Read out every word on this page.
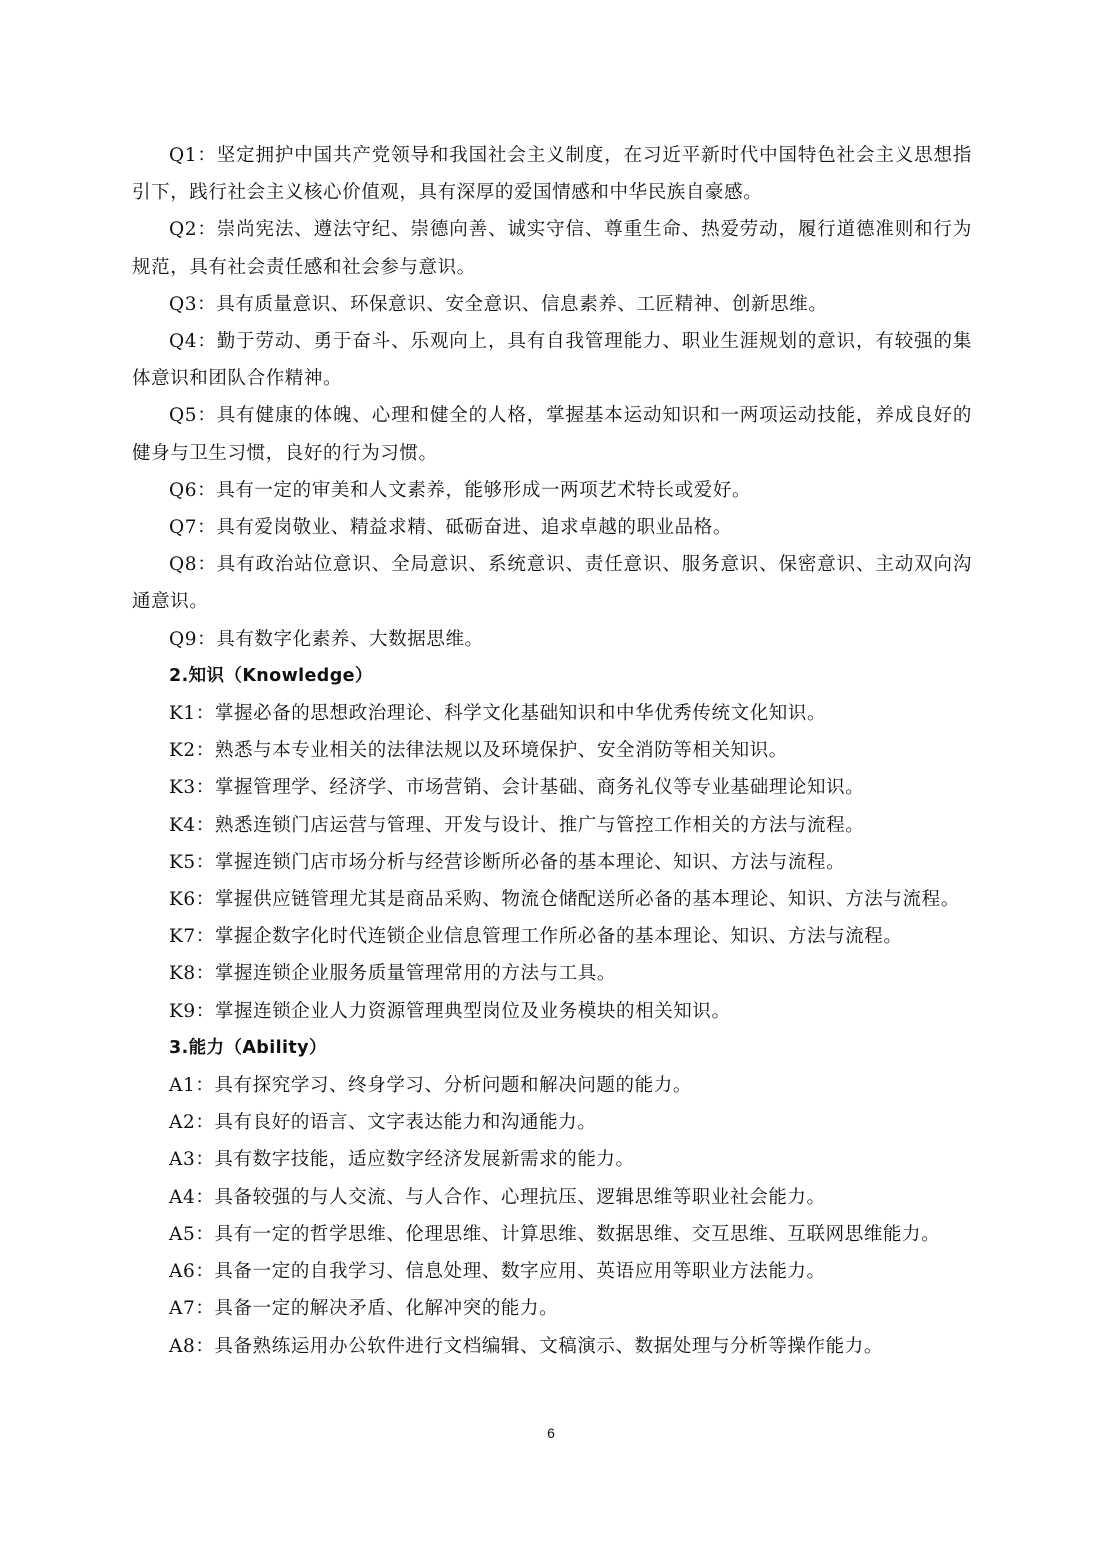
Q1：坚定拥护中国共产党领导和我国社会主义制度，在习近平新时代中国特色社会主义思想指引下，践行社会主义核心价值观，具有深厚的爱国情感和中华民族自豪感。

Q2：崇尚宪法、遵法守纪、崇德向善、诚实守信、尊重生命、热爱劳动，履行道德准则和行为规范，具有社会责任感和社会参与意识。

Q3：具有质量意识、环保意识、安全意识、信息素养、工匠精神、创新思维。

Q4：勤于劳动、勇于奋斗、乐观向上，具有自我管理能力、职业生涯规划的意识，有较强的集体意识和团队合作精神。

Q5：具有健康的体魄、心理和健全的人格，掌握基本运动知识和一两项运动技能，养成良好的健身与卫生习惯，良好的行为习惯。

Q6：具有一定的审美和人文素养，能够形成一两项艺术特长或爱好。

Q7：具有爱岗敬业、精益求精、砥砺奋进、追求卓越的职业品格。

Q8：具有政治站位意识、全局意识、系统意识、责任意识、服务意识、保密意识、主动双向沟通意识。

Q9：具有数字化素养、大数据思维。

2.知识（Knowledge）

K1：掌握必备的思想政治理论、科学文化基础知识和中华优秀传统文化知识。

K2：熟悉与本专业相关的法律法规以及环境保护、安全消防等相关知识。

K3：掌握管理学、经济学、市场营销、会计基础、商务礼仪等专业基础理论知识。

K4：熟悉连锁门店运营与管理、开发与设计、推广与管控工作相关的方法与流程。

K5：掌握连锁门店市场分析与经营诊断所必备的基本理论、知识、方法与流程。

K6：掌握供应链管理尤其是商品采购、物流仓储配送所必备的基本理论、知识、方法与流程。

K7：掌握企数字化时代连锁企业信息管理工作所必备的基本理论、知识、方法与流程。

K8：掌握连锁企业服务质量管理常用的方法与工具。

K9：掌握连锁企业人力资源管理典型岗位及业务模块的相关知识。

3.能力（Ability）

A1：具有探究学习、终身学习、分析问题和解决问题的能力。

A2：具有良好的语言、文字表达能力和沟通能力。

A3：具有数字技能，适应数字经济发展新需求的能力。

A4：具备较强的与人交流、与人合作、心理抗压、逻辑思维等职业社会能力。

A5：具有一定的哲学思维、伦理思维、计算思维、数据思维、交互思维、互联网思维能力。

A6：具备一定的自我学习、信息处理、数字应用、英语应用等职业方法能力。

A7：具备一定的解决矛盾、化解冲突的能力。

A8：具备熟练运用办公软件进行文档编辑、文稿演示、数据处理与分析等操作能力。

6
